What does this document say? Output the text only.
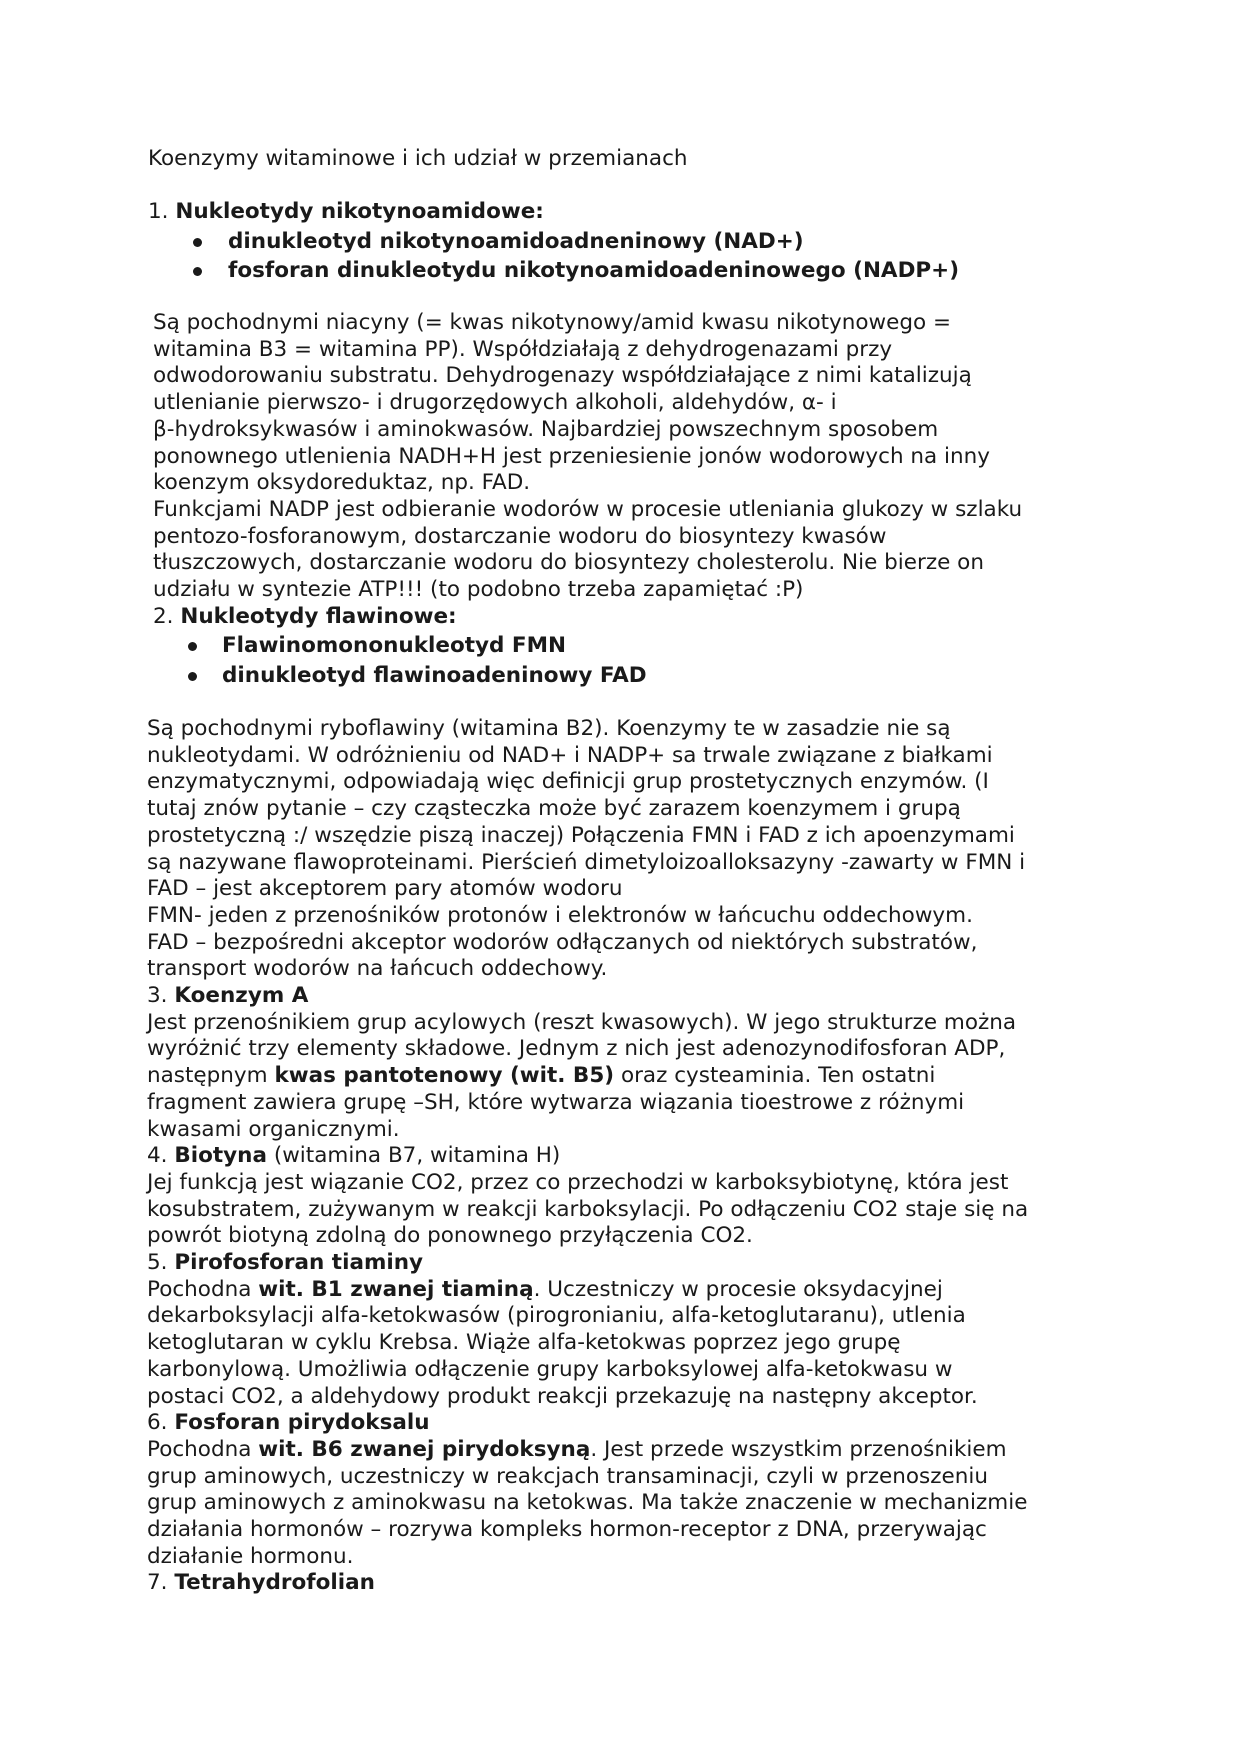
Koenzymy witaminowe i ich udział w przemianach
1. Nukleotydy nikotynoamidowe:
dinukleotyd nikotynoamidoadneninowy (NAD+)
fosforan dinukleotydu nikotynoamidoadeninowego (NADP+)
Są pochodnymi niacyny (= kwas nikotynowy/amid kwasu nikotynowego =
witamina B3 = witamina PP). Współdziałają z dehydrogenazami przy
odwodorowaniu substratu. Dehydrogenazy współdziałające z nimi katalizują
utlenianie pierwszo- i drugorzędowych alkoholi, aldehydów, α- i
β-hydroksykwasów i aminokwasów. Najbardziej powszechnym sposobem
ponownego utlenienia NADH+H jest przeniesienie jonów wodorowych na inny
koenzym oksydoreduktaz, np. FAD.
Funkcjami NADP jest odbieranie wodorów w procesie utleniania glukozy w szlaku
pentozo-fosforanowym, dostarczanie wodoru do biosyntezy kwasów
tłuszczowych, dostarczanie wodoru do biosyntezy cholesterolu. Nie bierze on
udziału w syntezie ATP!!! (to podobno trzeba zapamiętać :P)
2. Nukleotydy flawinowe:
Flawinomononukleotyd FMN
dinukleotyd flawinoadeninowy FAD
Są pochodnymi ryboflawiny (witamina B2). Koenzymy te w zasadzie nie są
nukleotydami. W odróżnieniu od NAD+ i NADP+ sa trwale związane z białkami
enzymatycznymi, odpowiadają więc definicji grup prostetycznych enzymów. (I
tutaj znów pytanie – czy cząsteczka może być zarazem koenzymem i grupą
prostetyczną :/ wszędzie piszą inaczej) Połączenia FMN i FAD z ich apoenzymami
są nazywane flawoproteinami. Pierścień dimetyloizoalloksazyny -zawarty w FMN i
FAD – jest akceptorem pary atomów wodoru
FMN- jeden z przenośników protonów i elektronów w łańcuchu oddechowym.
FAD – bezpośredni akceptor wodorów odłączanych od niektórych substratów,
transport wodorów na łańcuch oddechowy.
3. Koenzym A
Jest przenośnikiem grup acylowych (reszt kwasowych). W jego strukturze można
wyróżnić trzy elementy składowe. Jednym z nich jest adenozynodifosforan ADP,
następnym kwas pantotenowy (wit. B5) oraz cysteaminia. Ten ostatni
fragment zawiera grupę –SH, które wytwarza wiązania tioestrowe z różnymi
kwasami organicznymi.
4. Biotyna (witamina B7, witamina H)
Jej funkcją jest wiązanie CO2, przez co przechodzi w karboksybiotynę, która jest
kosubstratem, zużywanym w reakcji karboksylacji. Po odłączeniu CO2 staje się na
powrót biotyną zdolną do ponownego przyłączenia CO2.
5. Pirofosforan tiaminy
Pochodna wit. B1 zwanej tiaminą. Uczestniczy w procesie oksydacyjnej
dekarboksylacji alfa-ketokwasów (pirogronianiu, alfa-ketoglutaranu), utlenia
ketoglutaran w cyklu Krebsa. Wiąże alfa-ketokwas poprzez jego grupę
karbonylową. Umożliwia odłączenie grupy karboksylowej alfa-ketokwasu w
postaci CO2, a aldehydowy produkt reakcji przekazuję na następny akceptor.
6. Fosforan pirydoksalu
Pochodna wit. B6 zwanej pirydoksyną. Jest przede wszystkim przenośnikiem
grup aminowych, uczestniczy w reakcjach transaminacji, czyli w przenoszeniu
grup aminowych z aminokwasu na ketokwas. Ma także znaczenie w mechanizmie
działania hormonów – rozrywa kompleks hormon-receptor z DNA, przerywając
działanie hormonu.
7. Tetrahydrofolian
